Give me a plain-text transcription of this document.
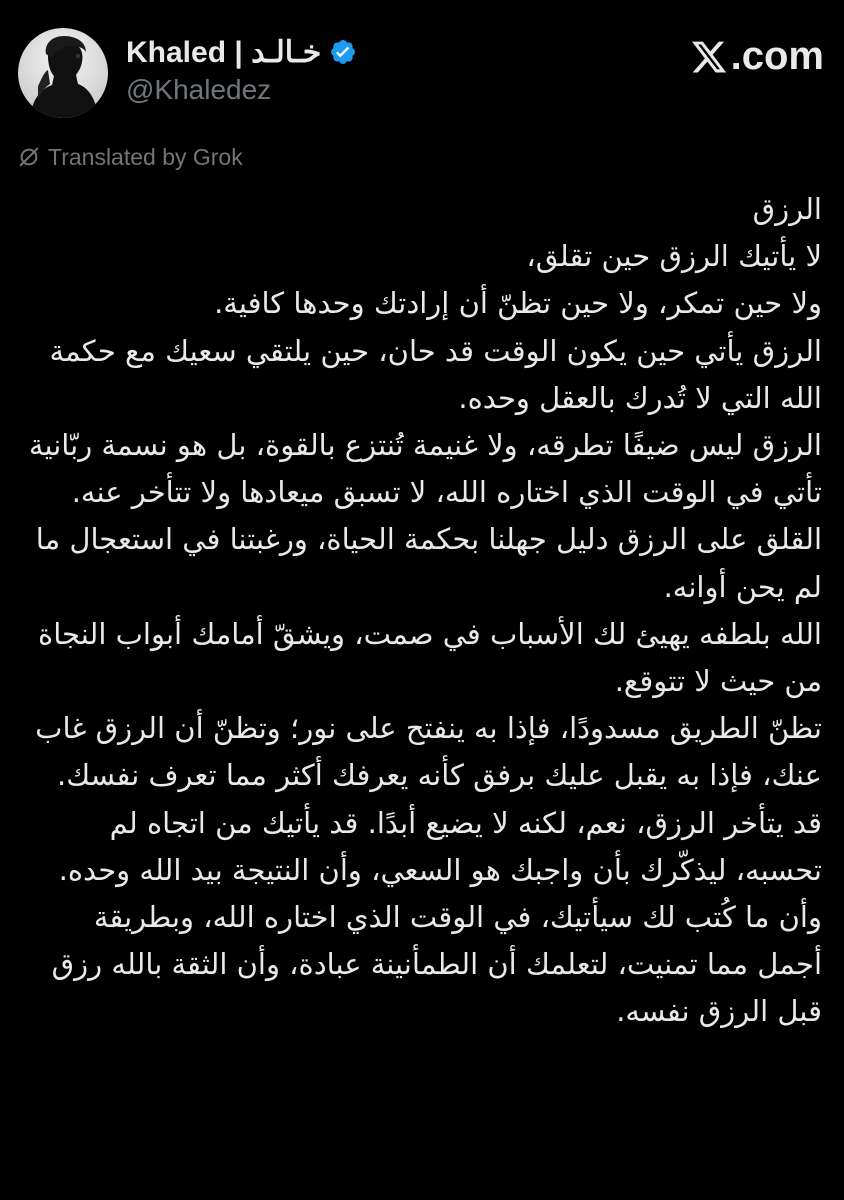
Khaled | خـالـد
@Khaledez
.com
Translated by Grok

الرزق

لا يأتيك الرزق حين تقلق،

ولا حين تمكر، ولا حين تظنّ أن إرادتك وحدها كافية.

الرزق يأتي حين يكون الوقت قد حان، حين يلتقي سعيك مع حكمة الله التي لا تُدرك بالعقل وحده.

الرزق ليس ضيفًا تطرقه، ولا غنيمة تُنتزع بالقوة، بل هو نسمة ربّانية تأتي في الوقت الذي اختاره الله، لا تسبق ميعادها ولا تتأخر عنه.

القلق على الرزق دليل جهلنا بحكمة الحياة، ورغبتنا في استعجال ما لم يحن أوانه.

الله بلطفه يهيئ لك الأسباب في صمت، ويشقّ أمامك أبواب النجاة من حيث لا تتوقع.

تظنّ الطريق مسدودًا، فإذا به ينفتح على نور؛ وتظنّ أن الرزق غاب عنك، فإذا به يقبل عليك برفق كأنه يعرفك أكثر مما تعرف نفسك.

قد يتأخر الرزق، نعم، لكنه لا يضيع أبدًا. قد يأتيك من اتجاه لم تحسبه، ليذكّرك بأن واجبك هو السعي، وأن النتيجة بيد الله وحده.

وأن ما كُتب لك سيأتيك، في الوقت الذي اختاره الله، وبطريقة أجمل مما تمنيت، لتعلمك أن الطمأنينة عبادة، وأن الثقة بالله رزق قبل الرزق نفسه.
